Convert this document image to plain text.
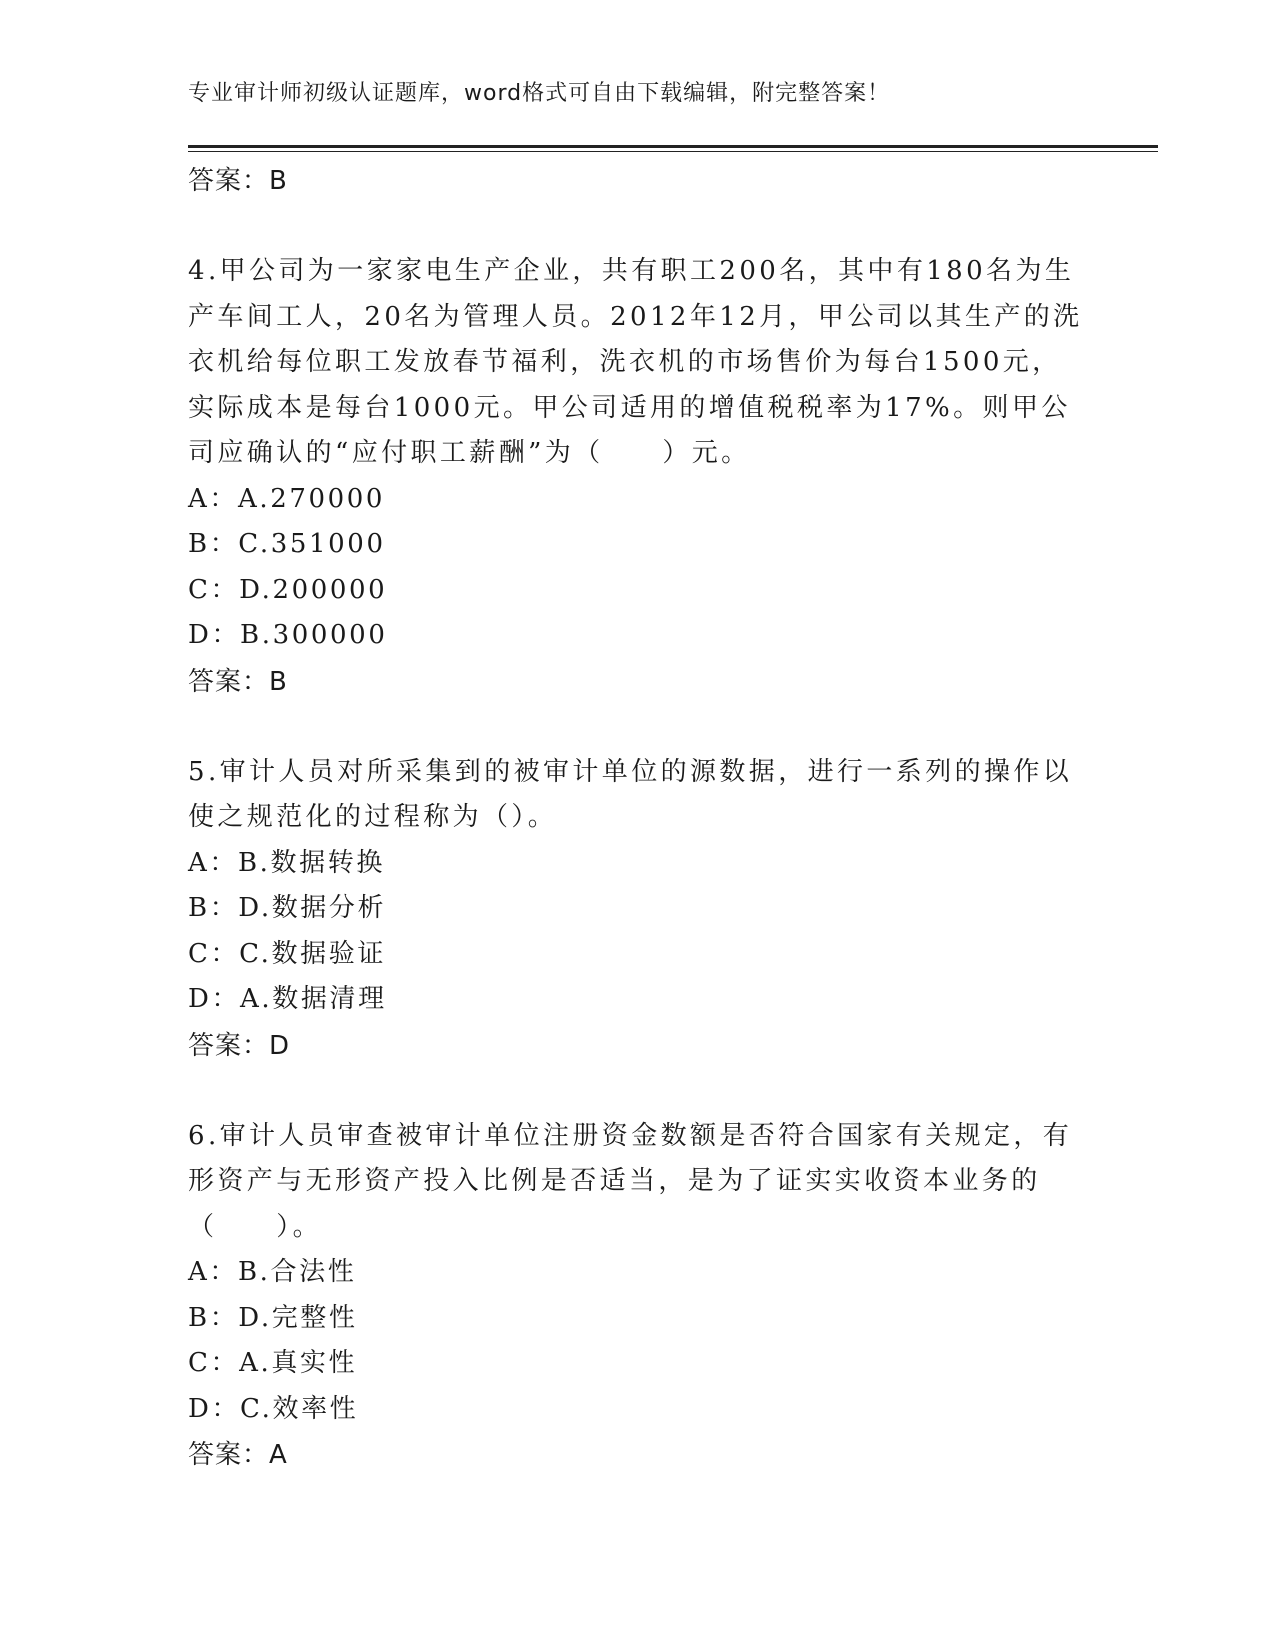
专业审计师初级认证题库，word格式可自由下载编辑，附完整答案！
答案：B

4.甲公司为一家家电生产企业，共有职工200名，其中有180名为生产车间工人，20名为管理人员。2012年12月，甲公司以其生产的洗衣机给每位职工发放春节福利，洗衣机的市场售价为每台1500元，实际成本是每台1000元。甲公司适用的增值税税率为17%。则甲公司应确认的“应付职工薪酬”为（　　）元。

A：A.270000
B：C.351000
C：D.200000
D：B.300000
答案：B

5.审计人员对所采集到的被审计单位的源数据，进行一系列的操作以使之规范化的过程称为（）。

A：B.数据转换
B：D.数据分析
C：C.数据验证
D：A.数据清理
答案：D

6.审计人员审查被审计单位注册资金数额是否符合国家有关规定，有形资产与无形资产投入比例是否适当，是为了证实实收资本业务的（　　）。

A：B.合法性
B：D.完整性
C：A.真实性
D：C.效率性
答案：A
